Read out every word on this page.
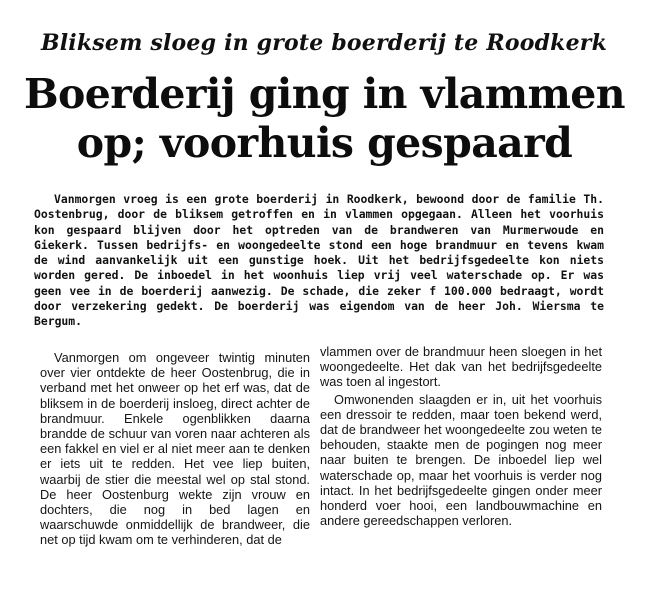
Bliksem sloeg in grote boerderij te Roodkerk
Boerderij ging in vlammen op; voorhuis gespaard

Vanmorgen vroeg is een grote boerderij in Roodkerk, bewoond door de familie Th. Oostenbrug, door de bliksem getroffen en in vlammen opgegaan. Alleen het voorhuis kon gespaard blijven door het optreden van de brandweren van Murmerwoude en Giekerk. Tussen bedrijfs- en woongedeelte stond een hoge brandmuur en tevens kwam de wind aanvankelijk uit een gunstige hoek. Uit het bedrijfsgedeelte kon niets worden gered. De inboedel in het woonhuis liep vrij veel waterschade op. Er was geen vee in de boerderij aanwezig. De schade, die zeker f 100.000 bedraagt, wordt door verzekering gedekt. De boerderij was eigendom van de heer Joh. Wiersma te Bergum.

Vanmorgen om ongeveer twintig minuten over vier ontdekte de heer Oostenbrug, die in verband met het onweer op het erf was, dat de bliksem in de boerderij insloeg, direct achter de brandmuur. Enkele ogenblikken daarna brandde de schuur van voren naar achteren als een fakkel en viel er al niet meer aan te denken er iets uit te redden. Het vee liep buiten, waarbij de stier die meestal wel op stal stond. De heer Oostenburg wekte zijn vrouw en dochters, die nog in bed lagen en waarschuwde onmiddellijk de brandweer, die net op tijd kwam om te verhinderen, dat de

vlammen over de brandmuur heen sloegen in het woongedeelte. Het dak van het bedrijfsgedeelte was toen al ingestort.

Omwonenden slaagden er in, uit het voorhuis een dressoir te redden, maar toen bekend werd, dat de brandweer het woongedeelte zou weten te behouden, staakte men de pogingen nog meer naar buiten te brengen. De inboedel liep wel waterschade op, maar het voorhuis is verder nog intact. In het bedrijfsgedeelte gingen onder meer honderd voer hooi, een landbouwmachine en andere gereedschappen verloren.
